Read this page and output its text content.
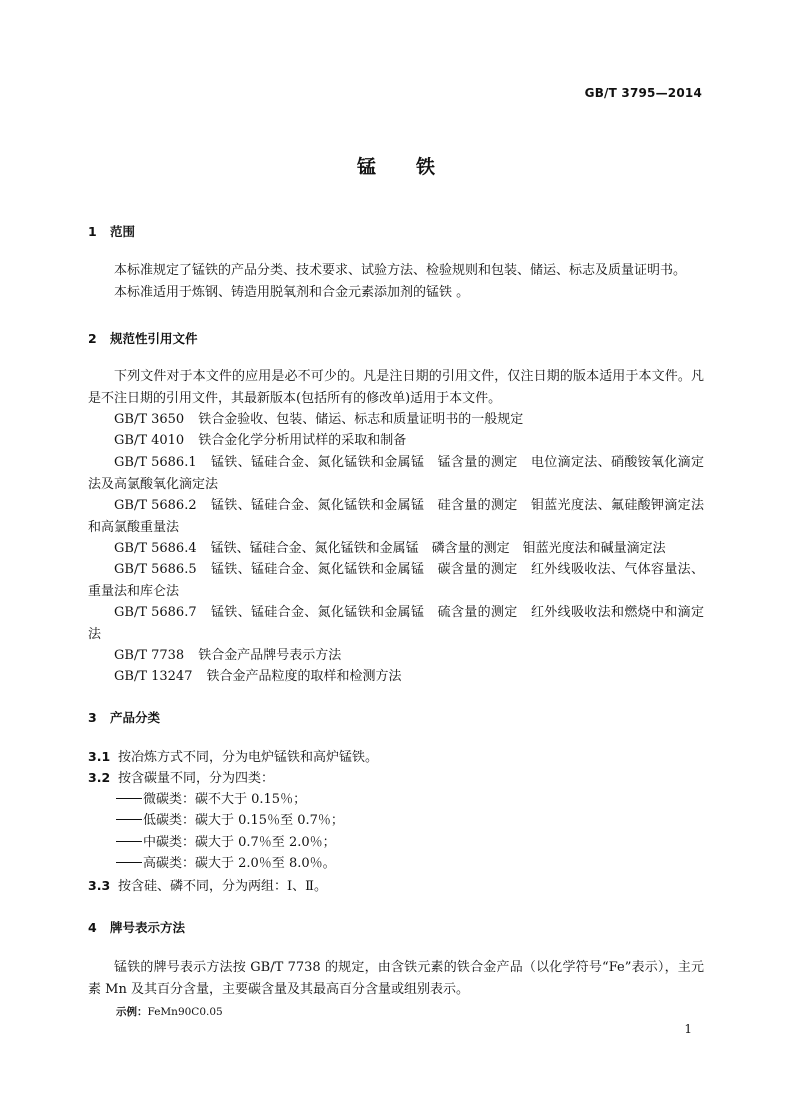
GB/T 3795—2014
锰铁
1 范围

本标准规定了锰铁的产品分类、技术要求、试验方法、检验规则和包装、储运、标志及质量证明书。

本标准适用于炼钢、铸造用脱氧剂和合金元素添加剂的锰铁 。

2 规范性引用文件

下列文件对于本文件的应用是必不可少的。凡是注日期的引用文件，仅注日期的版本适用于本文件。凡是不注日期的引用文件，其最新版本(包括所有的修改单)适用于本文件。

GB/T 3650 铁合金验收、包装、储运、标志和质量证明书的一般规定

GB/T 4010 铁合金化学分析用试样的采取和制备

GB/T 5686.1 锰铁、锰硅合金、氮化锰铁和金属锰　锰含量的测定　电位滴定法、硝酸铵氧化滴定法及高氯酸氧化滴定法

GB/T 5686.2 锰铁、锰硅合金、氮化锰铁和金属锰　硅含量的测定　钼蓝光度法、氟硅酸钾滴定法和高氯酸重量法

GB/T 5686.4 锰铁、锰硅合金、氮化锰铁和金属锰　磷含量的测定　钼蓝光度法和碱量滴定法

GB/T 5686.5 锰铁、锰硅合金、氮化锰铁和金属锰　碳含量的测定　红外线吸收法、气体容量法、重量法和库仑法

GB/T 5686.7 锰铁、锰硅合金、氮化锰铁和金属锰　硫含量的测定　红外线吸收法和燃烧中和滴定法

GB/T 7738 铁合金产品牌号表示方法

GB/T 13247 铁合金产品粒度的取样和检测方法

3 产品分类

3.1 按冶炼方式不同，分为电炉锰铁和高炉锰铁。

3.2 按含碳量不同，分为四类：

微碳类：碳不大于 0.15％；

低碳类：碳大于 0.15％至 0.7％；

中碳类：碳大于 0.7％至 2.0％；

高碳类：碳大于 2.0％至 8.0％。

3.3 按含硅、磷不同，分为两组：Ⅰ、Ⅱ。

4 牌号表示方法

锰铁的牌号表示方法按 GB/T 7738 的规定，由含铁元素的铁合金产品（以化学符号“Fe”表示），主元素 Mn 及其百分含量，主要碳含量及其最高百分含量或组别表示。

示例：FeMn90C0.05
1
